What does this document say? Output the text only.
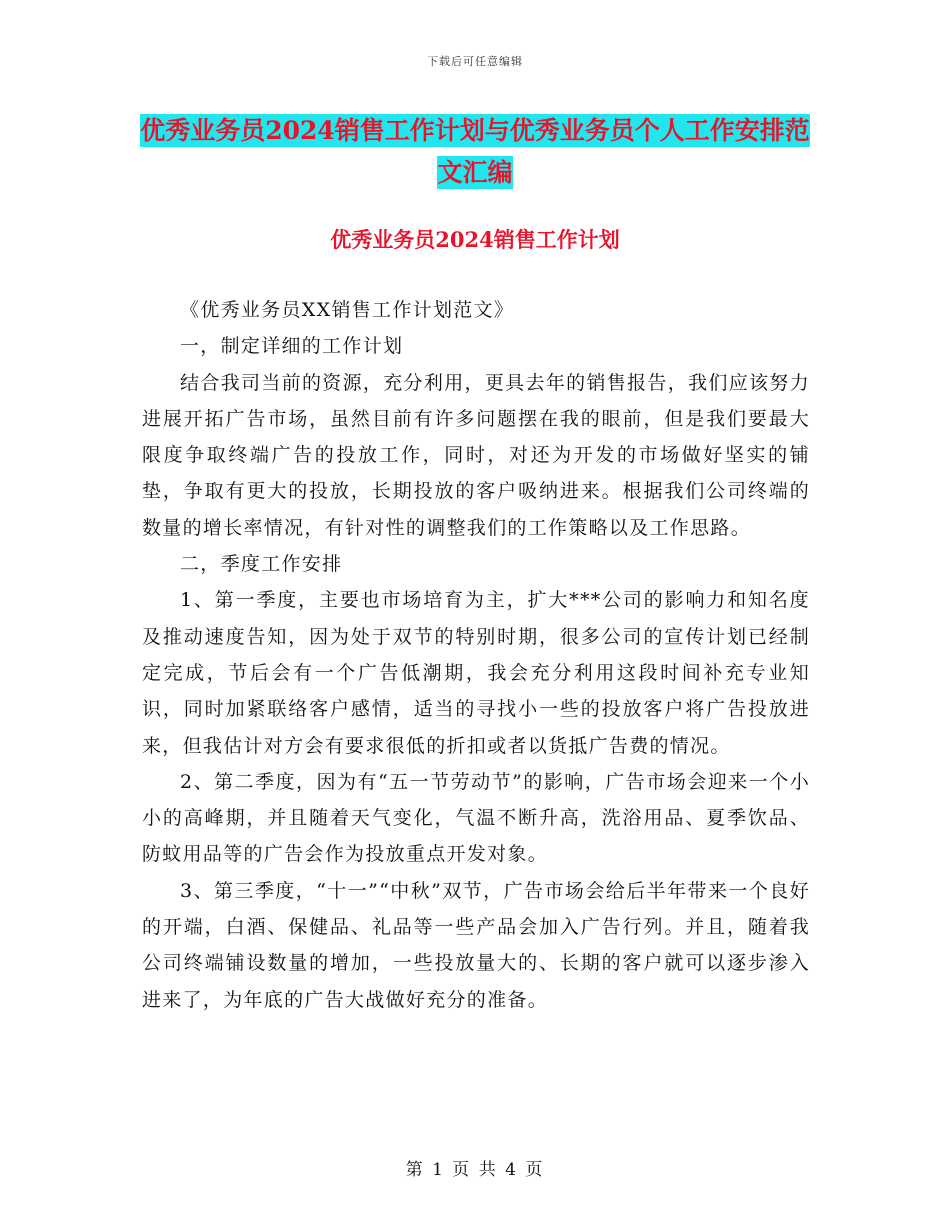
下载后可任意编辑
优秀业务员2024销售工作计划与优秀业务员个人工作安排范文汇编
优秀业务员2024销售工作计划

《优秀业务员XX销售工作计划范文》

一，制定详细的工作计划

结合我司当前的资源，充分利用，更具去年的销售报告，我们应该努力进展开拓广告市场，虽然目前有许多问题摆在我的眼前，但是我们要最大限度争取终端广告的投放工作，同时，对还为开发的市场做好坚实的铺垫，争取有更大的投放，长期投放的客户吸纳进来。根据我们公司终端的数量的增长率情况，有针对性的调整我们的工作策略以及工作思路。

二，季度工作安排

1、第一季度，主要也市场培育为主，扩大***公司的影响力和知名度及推动速度告知，因为处于双节的特别时期，很多公司的宣传计划已经制定完成，节后会有一个广告低潮期，我会充分利用这段时间补充专业知识，同时加紧联络客户感情，适当的寻找小一些的投放客户将广告投放进来，但我估计对方会有要求很低的折扣或者以货抵广告费的情况。

2、第二季度，因为有“五一节劳动节”的影响，广告市场会迎来一个小小的高峰期，并且随着天气变化，气温不断升高，洗浴用品、夏季饮品、防蚊用品等的广告会作为投放重点开发对象。

3、第三季度，“十一”“中秋”双节，广告市场会给后半年带来一个良好的开端，白酒、保健品、礼品等一些产品会加入广告行列。并且，随着我公司终端铺设数量的增加，一些投放量大的、长期的客户就可以逐步渗入进来了，为年底的广告大战做好充分的准备。

第 1 页 共 4 页
